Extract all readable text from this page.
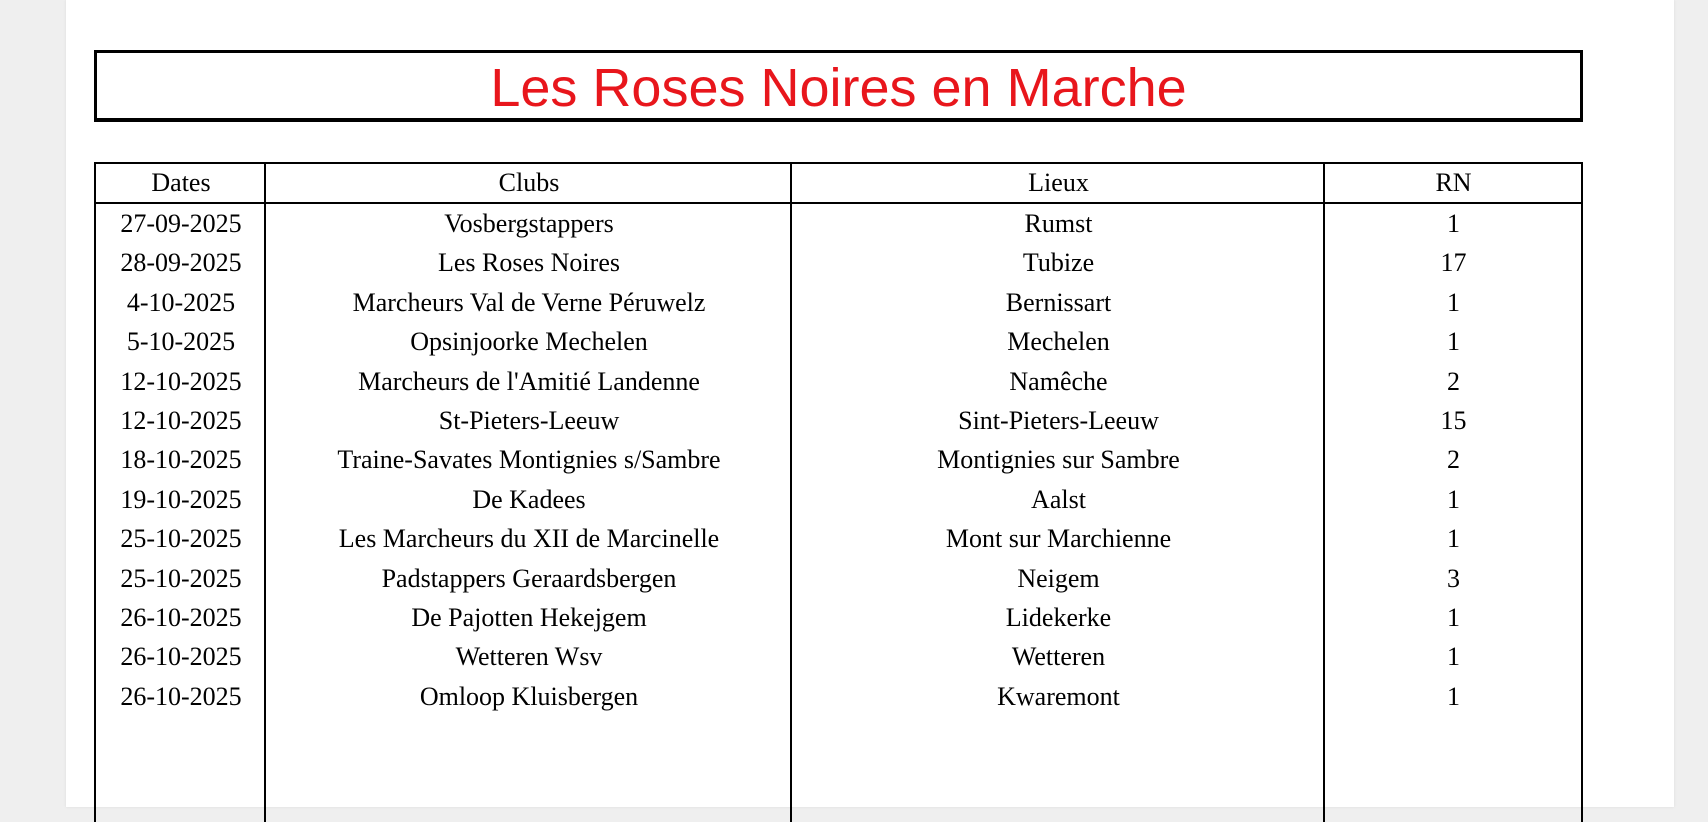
Les Roses Noires en Marche
Dates	Clubs	Lieux	RN
27-09-2025	Vosbergstappers	Rumst	1
28-09-2025	Les Roses Noires	Tubize	17
4-10-2025	Marcheurs Val de Verne Péruwelz	Bernissart	1
5-10-2025	Opsinjoorke Mechelen	Mechelen	1
12-10-2025	Marcheurs de l'Amitié Landenne	Namêche	2
12-10-2025	St-Pieters-Leeuw	Sint-Pieters-Leeuw	15
18-10-2025	Traine-Savates Montignies s/Sambre	Montignies sur Sambre	2
19-10-2025	De Kadees	Aalst	1
25-10-2025	Les Marcheurs du XII de Marcinelle	Mont sur Marchienne	1
25-10-2025	Padstappers Geraardsbergen	Neigem	3
26-10-2025	De Pajotten Hekejgem	Lidekerke	1
26-10-2025	Wetteren Wsv	Wetteren	1
26-10-2025	Omloop Kluisbergen	Kwaremont	1
